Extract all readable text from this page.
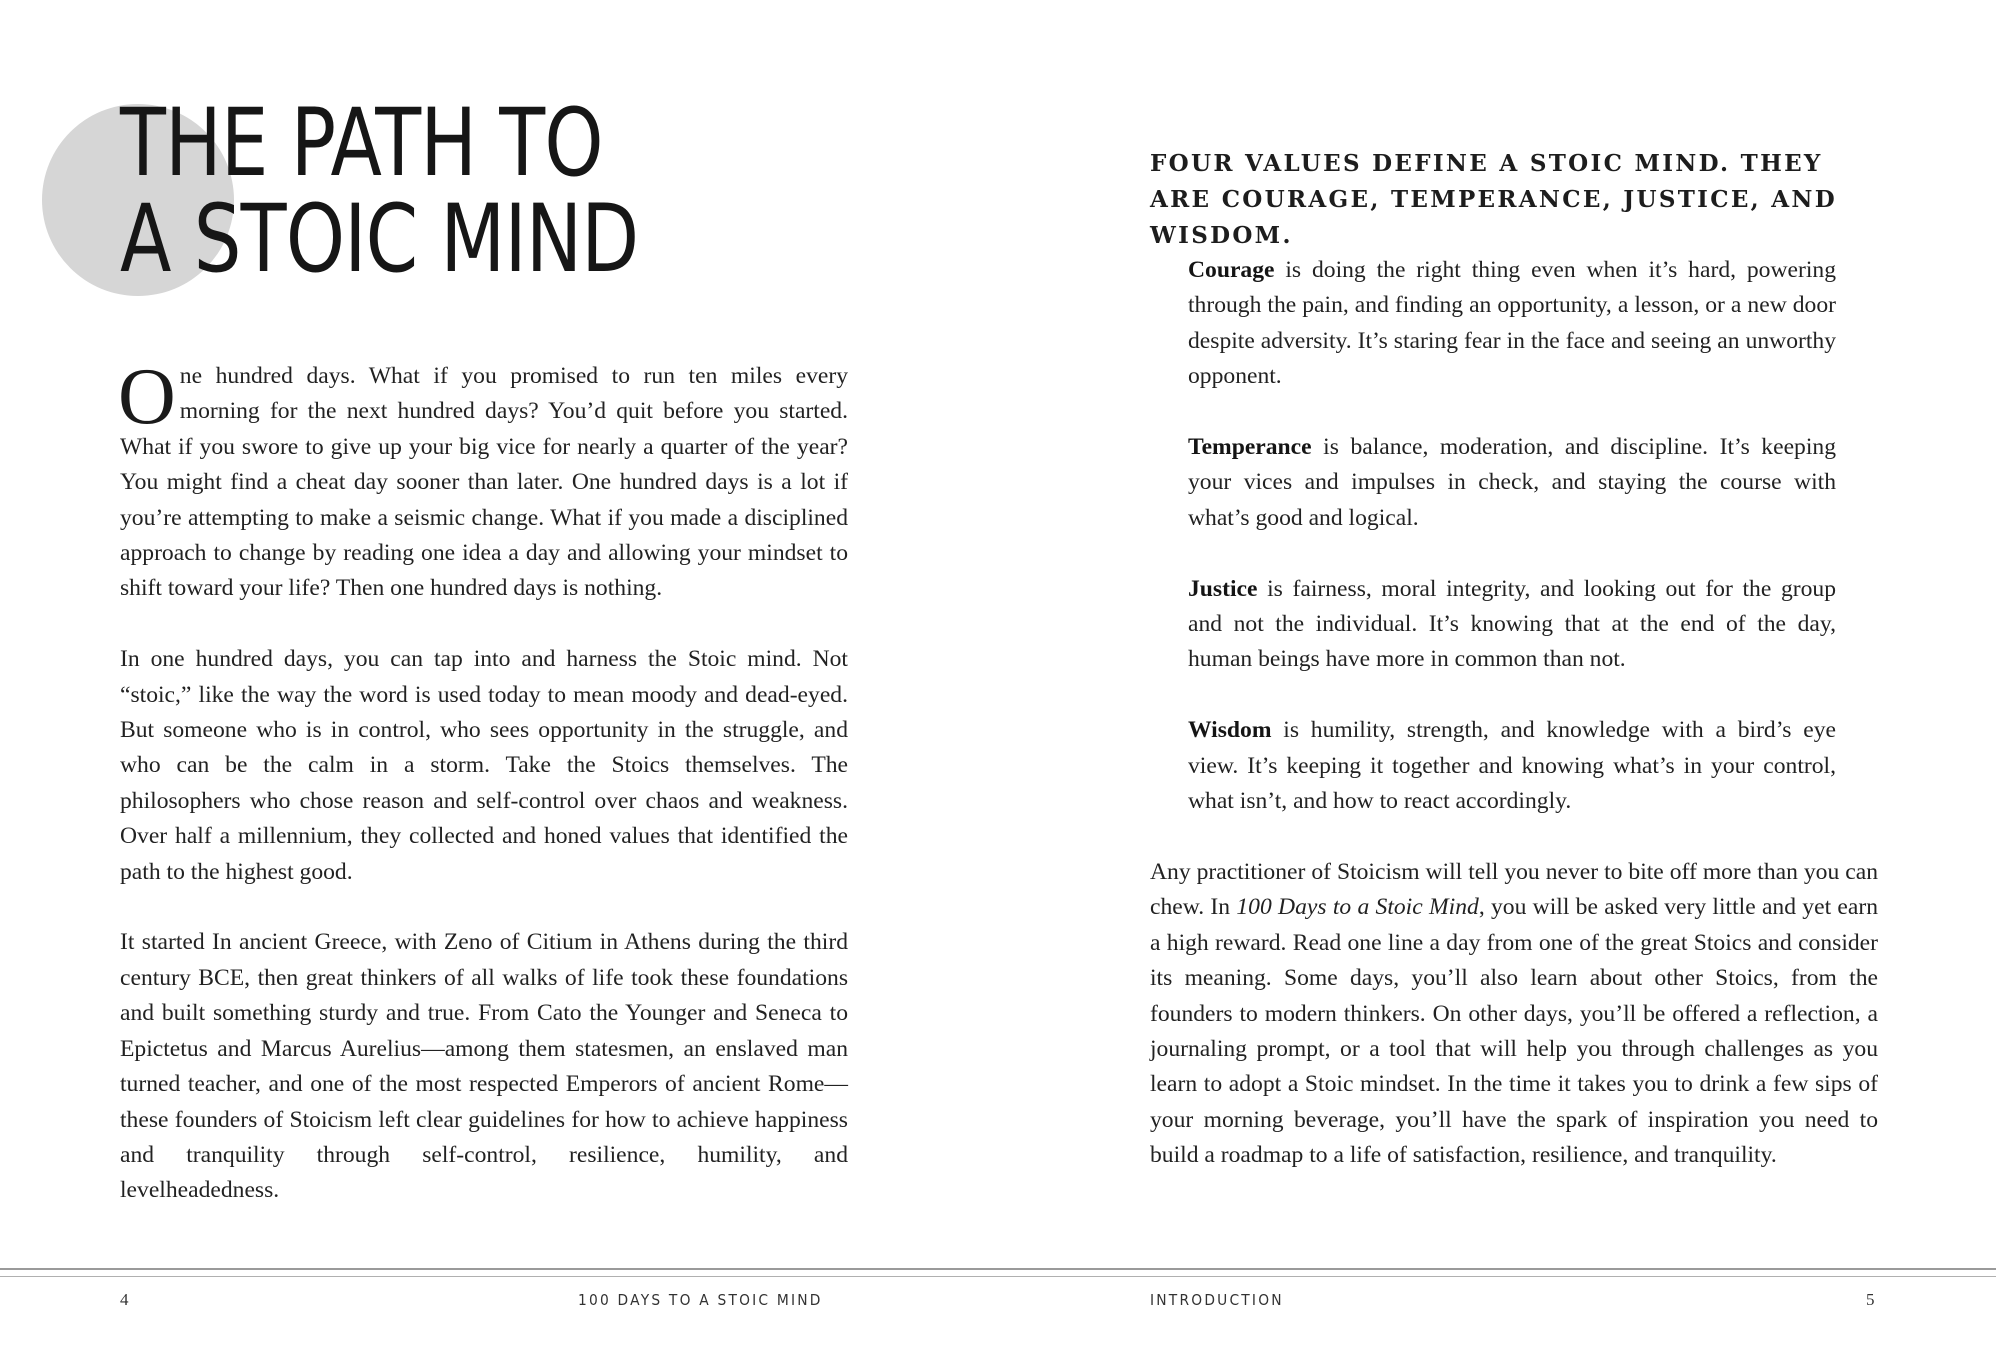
THE PATH TO
A STOIC MIND

One hundred days. What if you promised to run ten miles every morning for the next hundred days? You’d quit before you started. What if you swore to give up your big vice for nearly a quarter of the year? You might find a cheat day sooner than later. One hundred days is a lot if you’re attempting to make a seismic change. What if you made a disciplined approach to change by reading one idea a day and allowing your mindset to shift toward your life? Then one hundred days is nothing.

In one hundred days, you can tap into and harness the Stoic mind. Not “stoic,” like the way the word is used today to mean moody and dead-eyed. But someone who is in control, who sees opportunity in the struggle, and who can be the calm in a storm. Take the Stoics themselves. The philosophers who chose reason and self-control over chaos and weakness. Over half a millennium, they collected and honed values that identified the path to the highest good.

It started In ancient Greece, with Zeno of Citium in Athens during the third century BCE, then great thinkers of all walks of life took these foundations and built something sturdy and true. From Cato the Younger and Seneca to Epictetus and Marcus Aurelius—among them statesmen, an enslaved man turned teacher, and one of the most respected Emperors of ancient Rome—these founders of Stoicism left clear guidelines for how to achieve happiness and tranquility through self-control, resilience, humility, and levelheadedness.

4	100 DAYS TO A STOIC MIND
FOUR VALUES DEFINE A STOIC MIND. THEY ARE COURAGE, TEMPERANCE, JUSTICE, AND WISDOM.

Courage is doing the right thing even when it’s hard, powering through the pain, and finding an opportunity, a lesson, or a new door despite adversity. It’s staring fear in the face and seeing an unworthy opponent.

Temperance is balance, moderation, and discipline. It’s keeping your vices and impulses in check, and staying the course with what’s good and logical.

Justice is fairness, moral integrity, and looking out for the group and not the individual. It’s knowing that at the end of the day, human beings have more in common than not.

Wisdom is humility, strength, and knowledge with a bird’s eye view. It’s keeping it together and knowing what’s in your control, what isn’t, and how to react accordingly.

Any practitioner of Stoicism will tell you never to bite off more than you can chew. In 100 Days to a Stoic Mind, you will be asked very little and yet earn a high reward. Read one line a day from one of the great Stoics and consider its meaning. Some days, you’ll also learn about other Stoics, from the founders to modern thinkers. On other days, you’ll be offered a reflection, a journaling prompt, or a tool that will help you through challenges as you learn to adopt a Stoic mindset. In the time it takes you to drink a few sips of your morning beverage, you’ll have the spark of inspiration you need to build a roadmap to a life of satisfaction, resilience, and tranquility.

INTRODUCTION	5
